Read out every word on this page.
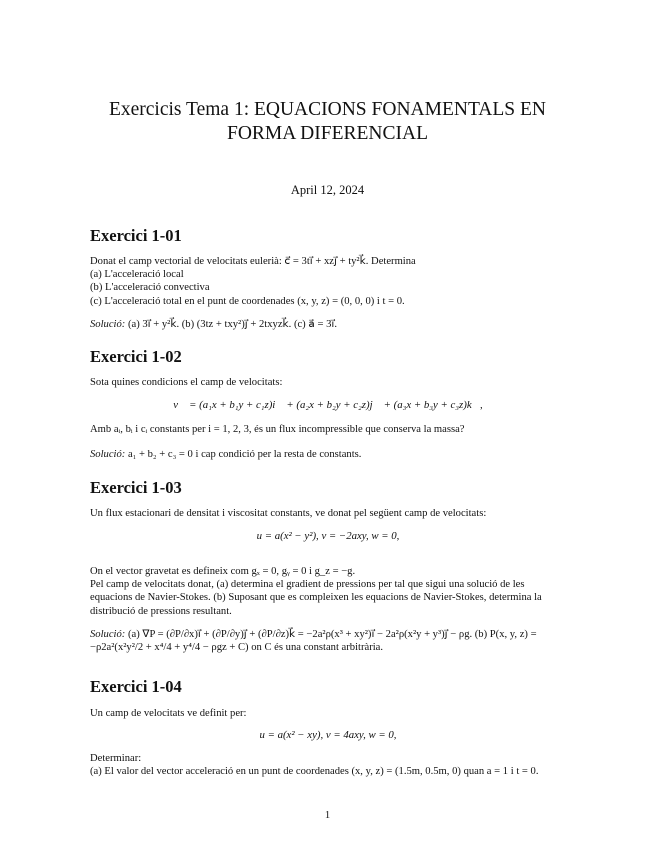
Exercicis Tema 1: EQUACIONS FONAMENTALS EN
FORMA DIFERENCIAL
April 12, 2024
Exercici 1-01

Donat el camp vectorial de velocitats eulerià: c⃗ = 3ti⃗ + xzj⃗ + ty²k⃗. Determina

(a) L'acceleració local

(b) L'acceleració convectiva

(c) L'acceleració total en el punt de coordenades (x, y, z) = (0, 0, 0) i t = 0.

Solució: (a) 3i⃗ + y²k⃗. (b) (3tz + txy²)j⃗ + 2txyzk⃗. (c) a⃗ = 3i⃗.
Exercici 1-02
Sota quines condicions el camp de velocitats:
v⃗ = (a₁x + b₁y + c₁z)i⃗ + (a₂x + b₂y + c₂z)j⃗ + (a₃x + b₃y + c₃z)k⃗,
Amb aᵢ, bᵢ i cᵢ constants per i = 1, 2, 3, és un flux incompressible que conserva la massa?
Solució: a₁ + b₂ + c₃ = 0 i cap condició per la resta de constants.
Exercici 1-03
Un flux estacionari de densitat i viscositat constants, ve donat pel següent camp de velocitats:
u = a(x² − y²), v = −2axy, w = 0,

On el vector gravetat es defineix com gₓ = 0, gᵧ = 0 i g_z = −g.

Pel camp de velocitats donat, (a) determina el gradient de pressions per tal que sigui una solució de les equacions de Navier-Stokes. (b) Suposant que es compleixen les equacions de Navier-Stokes, determina la distribució de pressions resultant.

Solució: (a) ∇P = (∂P/∂x)i⃗ + (∂P/∂y)j⃗ + (∂P/∂z)k⃗ = −2a²ρ(x³ + xy²)i⃗ − 2a²ρ(x²y + y³)j⃗ − ρg. (b) P(x, y, z) =

−ρ2a²(x²y²/2 + x⁴/4 + y⁴/4 − ρgz + C) on C és una constant arbitrària.

Exercici 1-04
Un camp de velocitats ve definit per:
u = a(x² − xy), v = 4axy, w = 0,

Determinar:

(a) El valor del vector acceleració en un punt de coordenades (x, y, z) = (1.5m, 0.5m, 0) quan a = 1 i t = 0.

1
